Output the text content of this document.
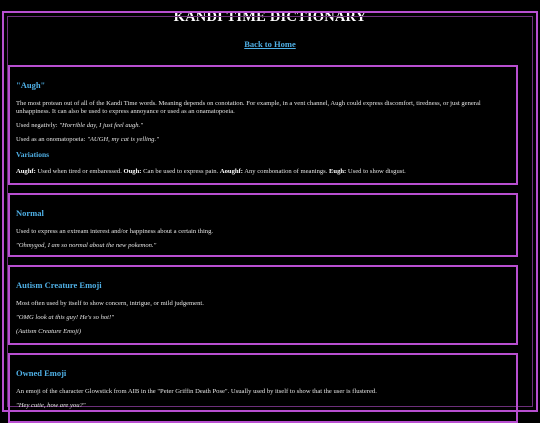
KANDI TIME DICTIONARY
Back to Home
"Augh"

The most protean out of all of the Kandi Time words. Meaning depends on conotation. For example, in a vent channel, Augh could express discomfort, tiredness, or just general unhappiness. It can also be used to express annoyance or used as an onamatopoeia.

Used negativly: "Horrible day, I just feel augh."

Used as an onomatopoeia: "AUGH, my cat is yelling."

Variations

Aughf: Used when tired or embaressed. Ough: Can be used to express pain. Aoughf: Any combonation of meanings. Eugh: Used to show disgust.

Normal

Used to express an extream interest and/or happiness about a certain thing.

"Ohmygod, I am so normal about the new pokemon."

Autism Creature Emoji

Most often used by itself to show concern, intrigue, or mild judgement.

"OMG look at this guy! He's so hot!"

(Autism Creature Emoji)

Owned Emoji

An emoji of the character Glowstick from AIB in the "Peter Griffin Death Pose". Usually used by itself to show that the user is flustered.

"Hey cutie, how are you?"
